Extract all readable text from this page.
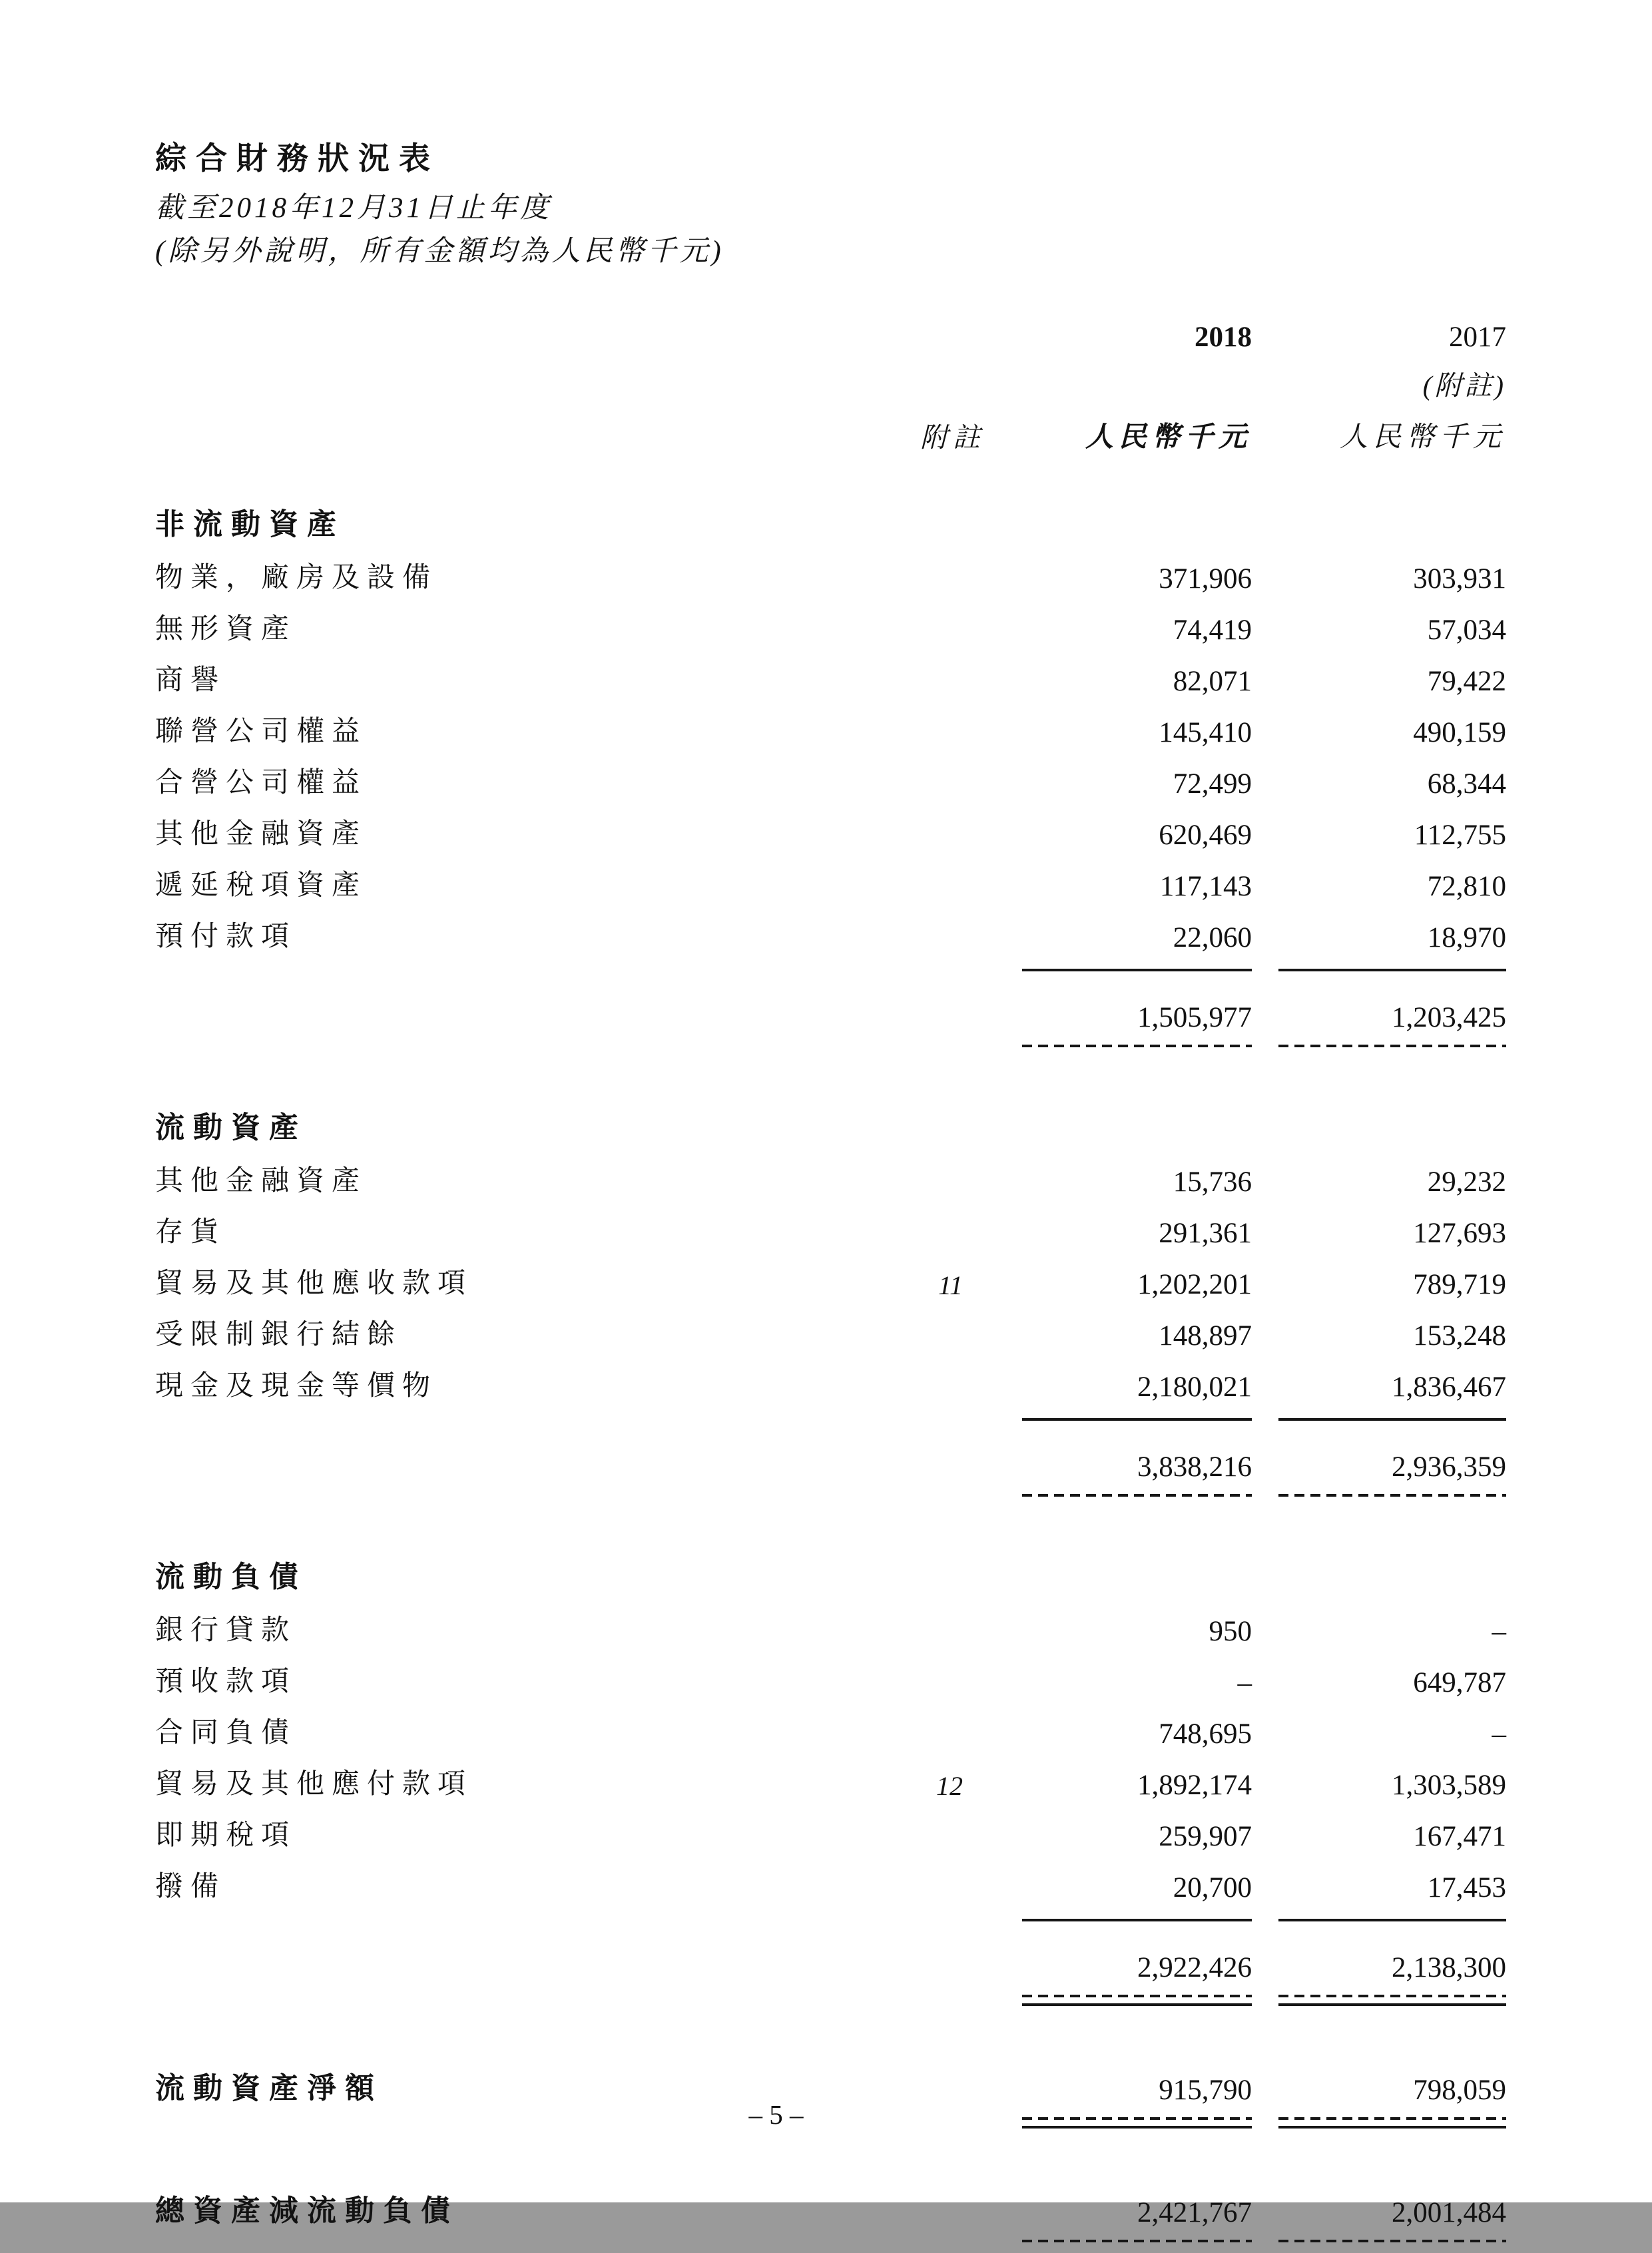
綜合財務狀況表
截至2018年12月31日止年度
(除另外說明，所有金額均為人民幣千元)
2018	2017
(附註)
附註	人民幣千元	人民幣千元
非流動資產
物業，廠房及設備	371,906	303,931
無形資產	74,419	57,034
商譽	82,071	79,422
聯營公司權益	145,410	490,159
合營公司權益	72,499	68,344
其他金融資產	620,469	112,755
遞延稅項資產	117,143	72,810
預付款項	22,060	18,970
1,505,977	1,203,425
流動資產
其他金融資產	15,736	29,232
存貨	291,361	127,693
貿易及其他應收款項	11	1,202,201	789,719
受限制銀行結餘	148,897	153,248
現金及現金等價物	2,180,021	1,836,467
3,838,216	2,936,359
流動負債
銀行貸款	950	–
預收款項	–	649,787
合同負債	748,695	–
貿易及其他應付款項	12	1,892,174	1,303,589
即期稅項	259,907	167,471
撥備	20,700	17,453
2,922,426	2,138,300
流動資產淨額	915,790	798,059
總資產減流動負債	2,421,767	2,001,484
– 5 –
